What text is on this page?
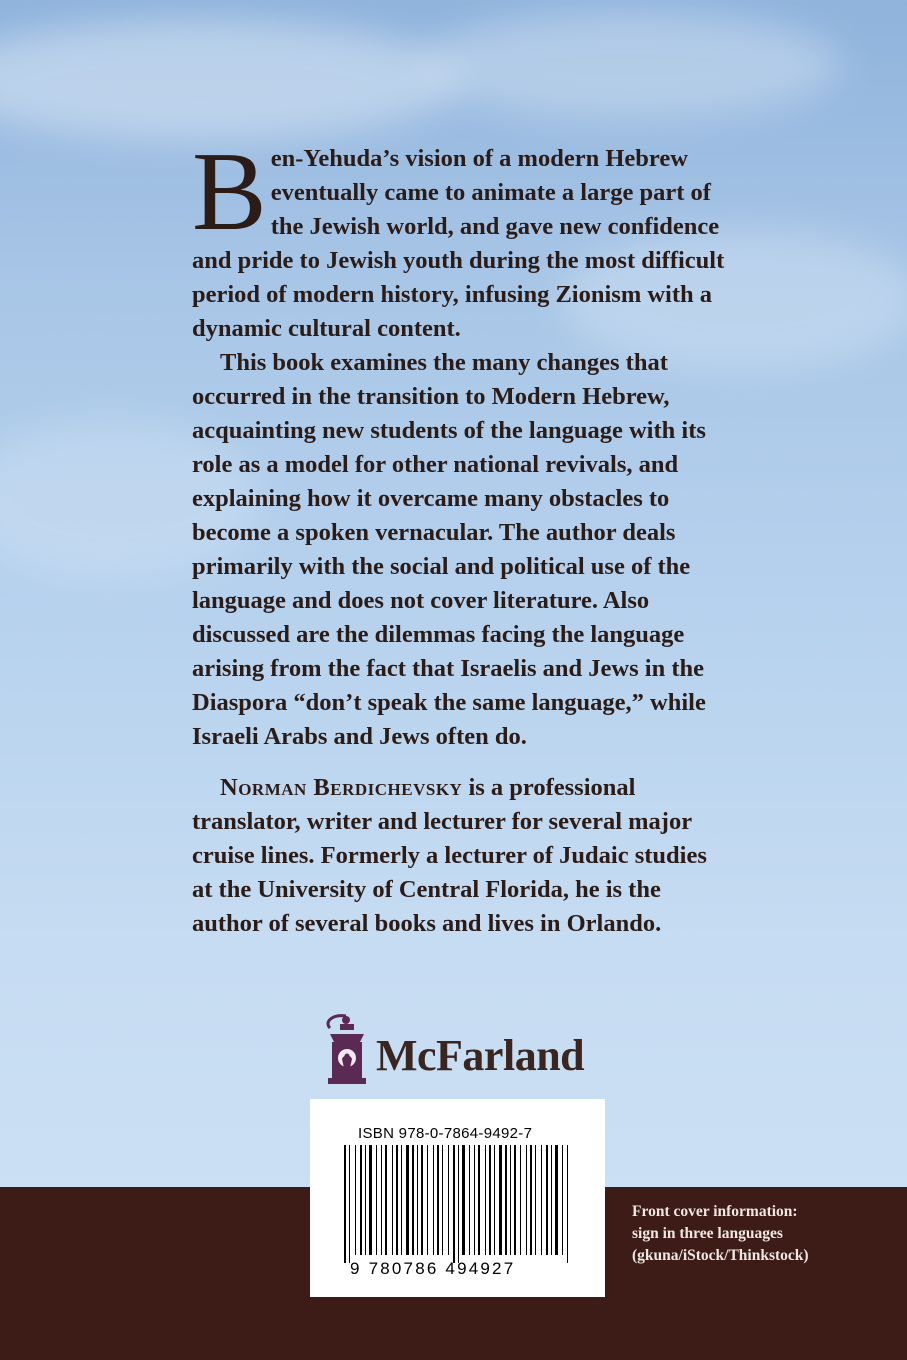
Ben-Yehuda’s vision of a modern Hebrew eventually came to animate a large part of the Jewish world, and gave new confidence and pride to Jewish youth during the most difficult period of modern history, infusing Zionism with a dynamic cultural content.

This book examines the many changes that occurred in the transition to Modern Hebrew, acquainting new students of the language with its role as a model for other national revivals, and explaining how it overcame many obstacles to become a spoken vernacular. The author deals primarily with the social and political use of the language and does not cover literature. Also discussed are the dilemmas facing the language arising from the fact that Israelis and Jews in the Diaspora “don’t speak the same language,” while Israeli Arabs and Jews often do.

Norman Berdichevsky is a professional translator, writer and lecturer for several major cruise lines. Formerly a lecturer of Judaic studies at the University of Central Florida, he is the author of several books and lives in Orlando.

McFarland
ISBN 978-0-7864-9492-7
9 780786 494927
Front cover information:
sign in three languages
(gkuna/iStock/Thinkstock)
